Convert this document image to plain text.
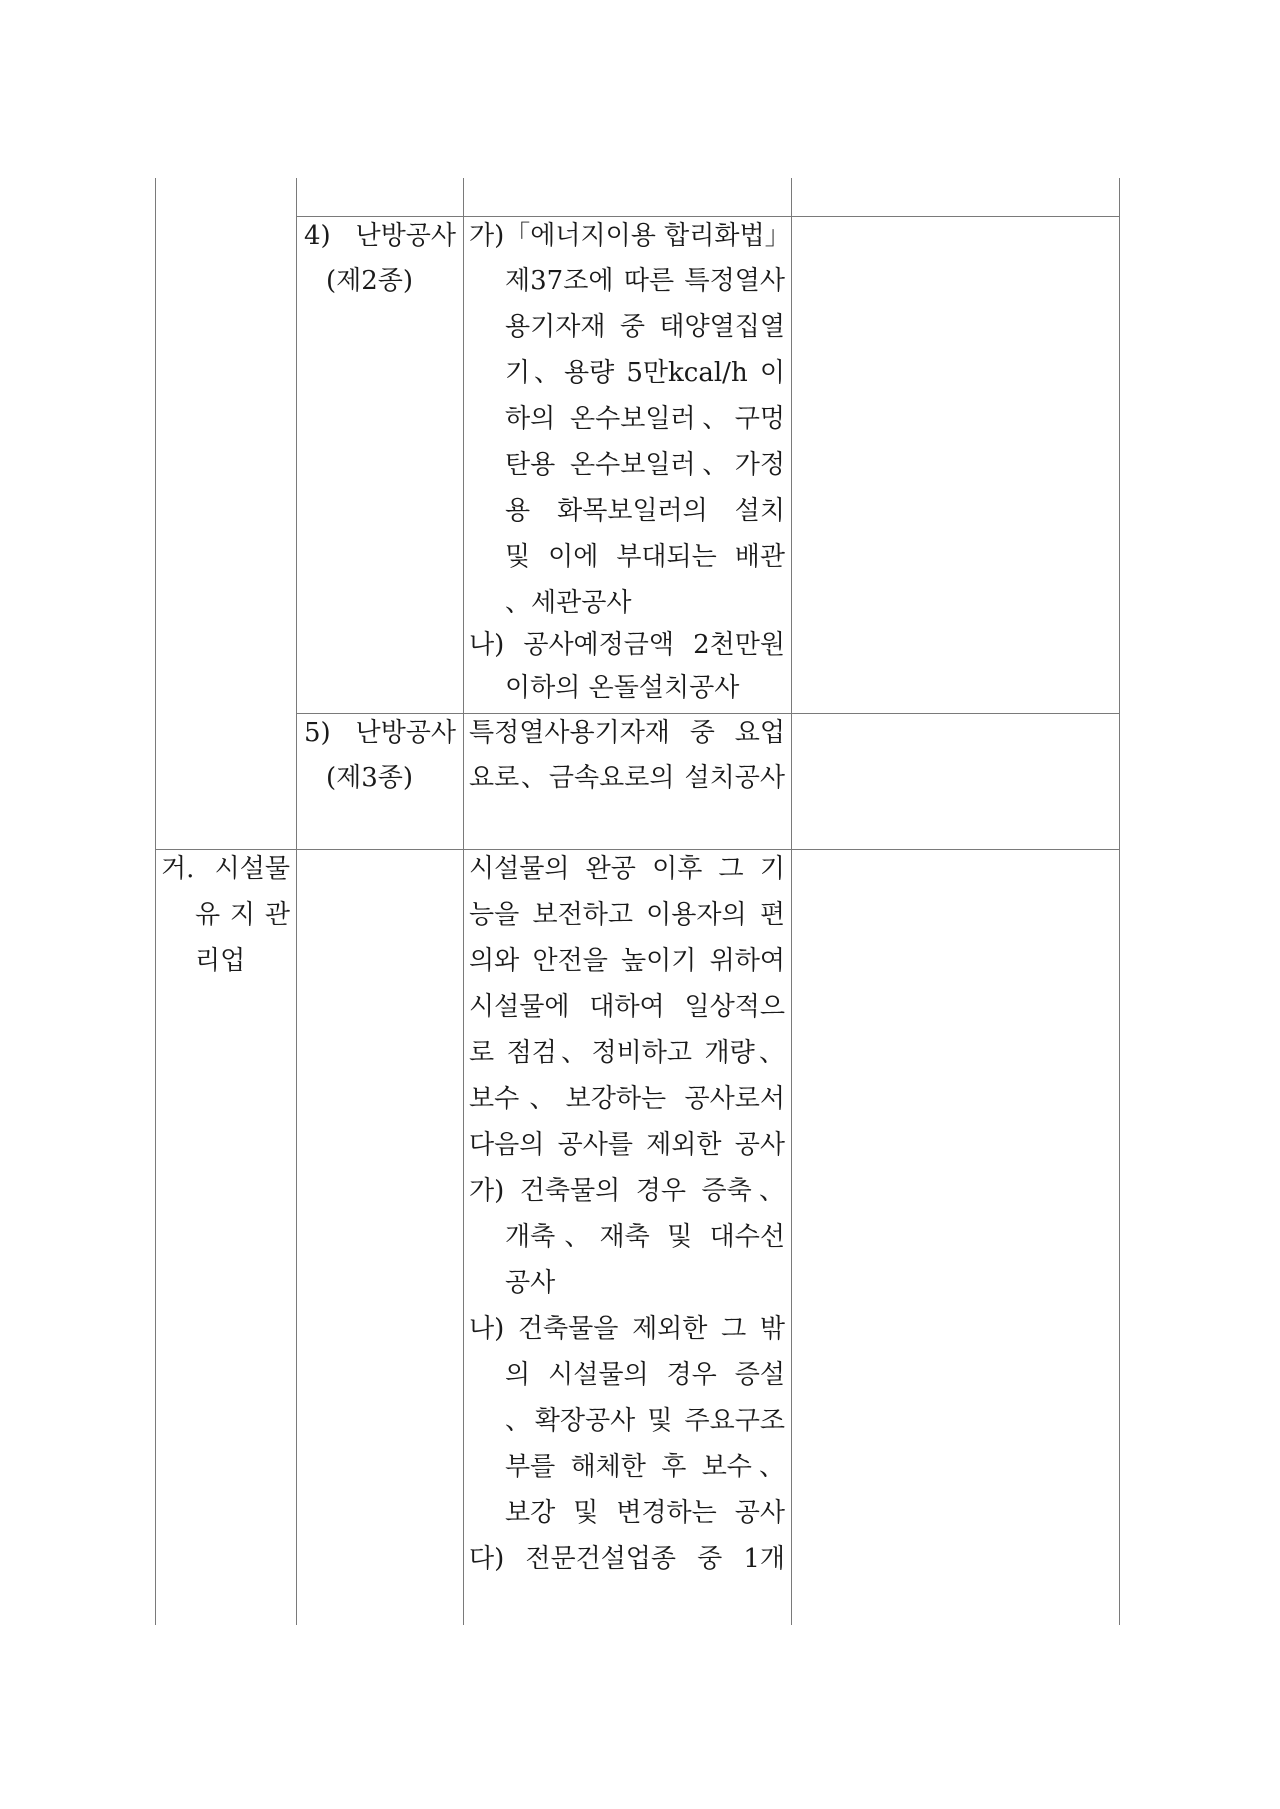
4) 난방공사
(제2종)
가)「에너지이용 합리화법」
제37조에 따른 특정열사
용기자재 중 태양열집열
기、용량 5만kcal/h 이
하의 온수보일러、구멍
탄용 온수보일러、가정
용 화목보일러의 설치
및 이에 부대되는 배관
、세관공사
나) 공사예정금액 2천만원
이하의 온돌설치공사
5) 난방공사
(제3종)
특정열사용기자재 중 요업
요로、금속요로의 설치공사
거. 시설물
유 지 관
리업
시설물의 완공 이후 그 기
능을 보전하고 이용자의 편
의와 안전을 높이기 위하여
시설물에 대하여 일상적으
로 점검、정비하고 개량、
보수、보강하는 공사로서
다음의 공사를 제외한 공사
가) 건축물의 경우 증축、
개축、재축 및 대수선
공사
나) 건축물을 제외한 그 밖
의 시설물의 경우 증설
、확장공사 및 주요구조
부를 해체한 후 보수、
보강 및 변경하는 공사
다) 전문건설업종 중 1개
